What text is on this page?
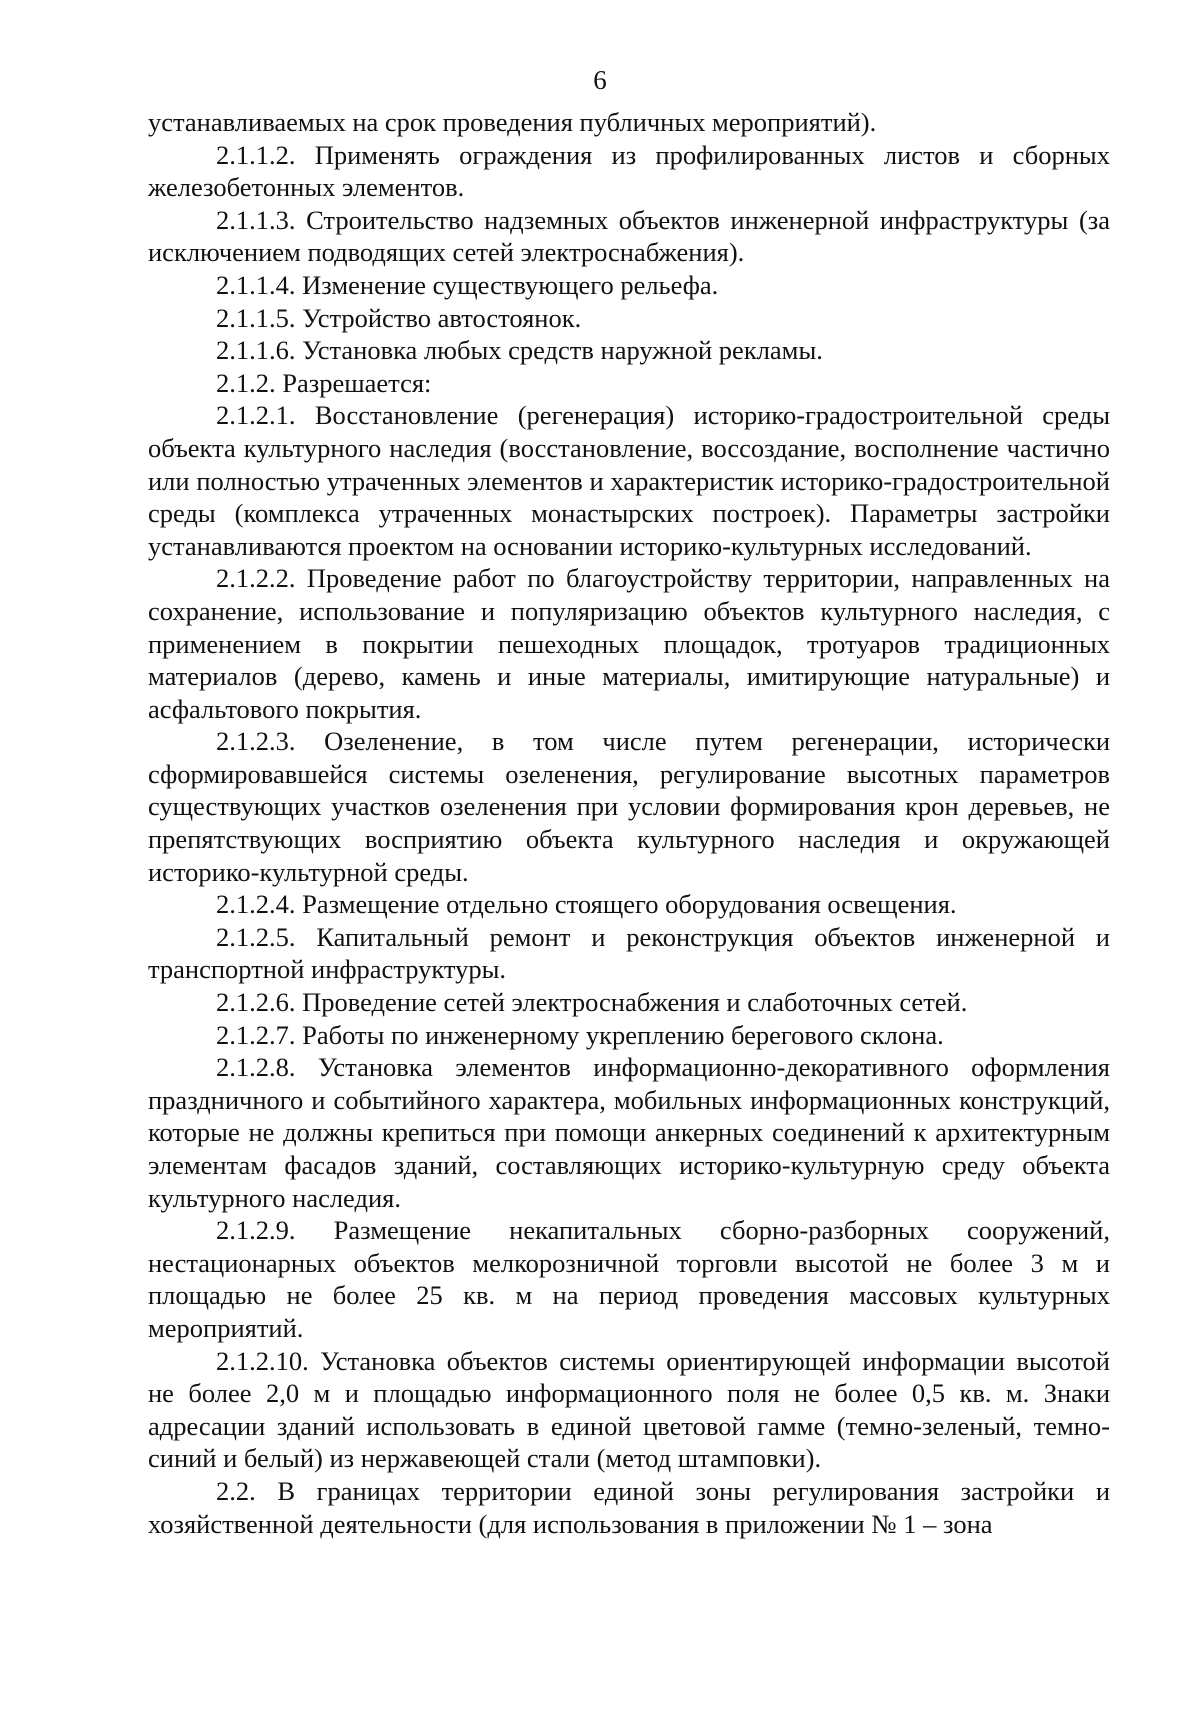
6

устанавливаемых на срок проведения публичных мероприятий).

2.1.1.2. Применять ограждения из профилированных листов и сборных железобетонных элементов.

2.1.1.3. Строительство надземных объектов инженерной инфраструктуры (за исключением подводящих сетей электроснабжения).

2.1.1.4. Изменение существующего рельефа.

2.1.1.5. Устройство автостоянок.

2.1.1.6. Установка любых средств наружной рекламы.

2.1.2. Разрешается:

2.1.2.1. Восстановление (регенерация) историко-градостроительной среды объекта культурного наследия (восстановление, воссоздание, восполнение частично или полностью утраченных элементов и характеристик историко-градостроительной среды (комплекса утраченных монастырских построек). Параметры застройки устанавливаются проектом на основании историко-культурных исследований.

2.1.2.2. Проведение работ по благоустройству территории, направленных на сохранение, использование и популяризацию объектов культурного наследия, с применением в покрытии пешеходных площадок, тротуаров традиционных материалов (дерево, камень и иные материалы, имитирующие натуральные) и асфальтового покрытия.

2.1.2.3. Озеленение, в том числе путем регенерации, исторически сформировавшейся системы озеленения, регулирование высотных параметров существующих участков озеленения при условии формирования крон деревьев, не препятствующих восприятию объекта культурного наследия и окружающей историко-культурной среды.

2.1.2.4. Размещение отдельно стоящего оборудования освещения.

2.1.2.5. Капитальный ремонт и реконструкция объектов инженерной и транспортной инфраструктуры.

2.1.2.6. Проведение сетей электроснабжения и слаботочных сетей.

2.1.2.7. Работы по инженерному укреплению берегового склона.

2.1.2.8. Установка элементов информационно-декоративного оформления праздничного и событийного характера, мобильных информационных конструкций, которые не должны крепиться при помощи анкерных соединений к архитектурным элементам фасадов зданий, составляющих историко-культурную среду объекта культурного наследия.

2.1.2.9. Размещение некапитальных сборно-разборных сооружений, нестационарных объектов мелкорозничной торговли высотой не более 3 м и площадью не более 25 кв. м на период проведения массовых культурных мероприятий.

2.1.2.10. Установка объектов системы ориентирующей информации высотой не более 2,0 м и площадью информационного поля не более 0,5 кв. м. Знаки адресации зданий использовать в единой цветовой гамме (темно-зеленый, темно-синий и белый) из нержавеющей стали (метод штамповки).

2.2. В границах территории единой зоны регулирования застройки и хозяйственной деятельности (для использования в приложении № 1 – зона
